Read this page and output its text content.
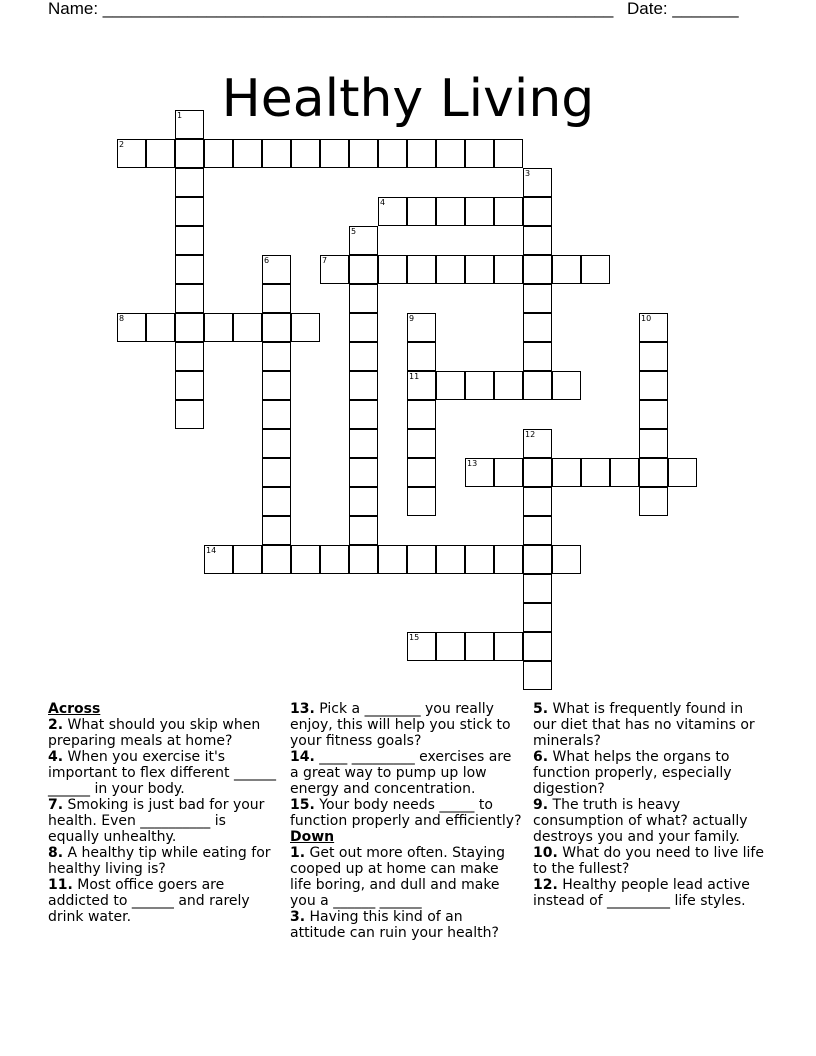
Name: ______________________________________________________ Date: _______
Healthy Living
1
2
3
4
5
6	7
8	9
11
10
12
13
14
15
Across
2. What should you skip when preparing meals at home?
4. When you exercise it's important to flex different ______ ______ in your body.
7. Smoking is just bad for your health. Even __________ is equally unhealthy.
8. A healthy tip while eating for healthy living is?
11. Most office goers are addicted to ______ and rarely drink water.
13. Pick a ________ you really enjoy, this will help you stick to your fitness goals?
14. ____ _________ exercises are a great way to pump up low energy and concentration.
15. Your body needs _____ to function properly and efficiently?
Down
1. Get out more often. Staying cooped up at home can make life boring, and dull and make you a ______ ______
3. Having this kind of an attitude can ruin your health?
5. What is frequently found in our diet that has no vitamins or minerals?
6. What helps the organs to function properly, especially digestion?
9. The truth is heavy consumption of what? actually destroys you and your family.
10. What do you need to live life to the fullest?
12. Healthy people lead active instead of _________ life styles.
